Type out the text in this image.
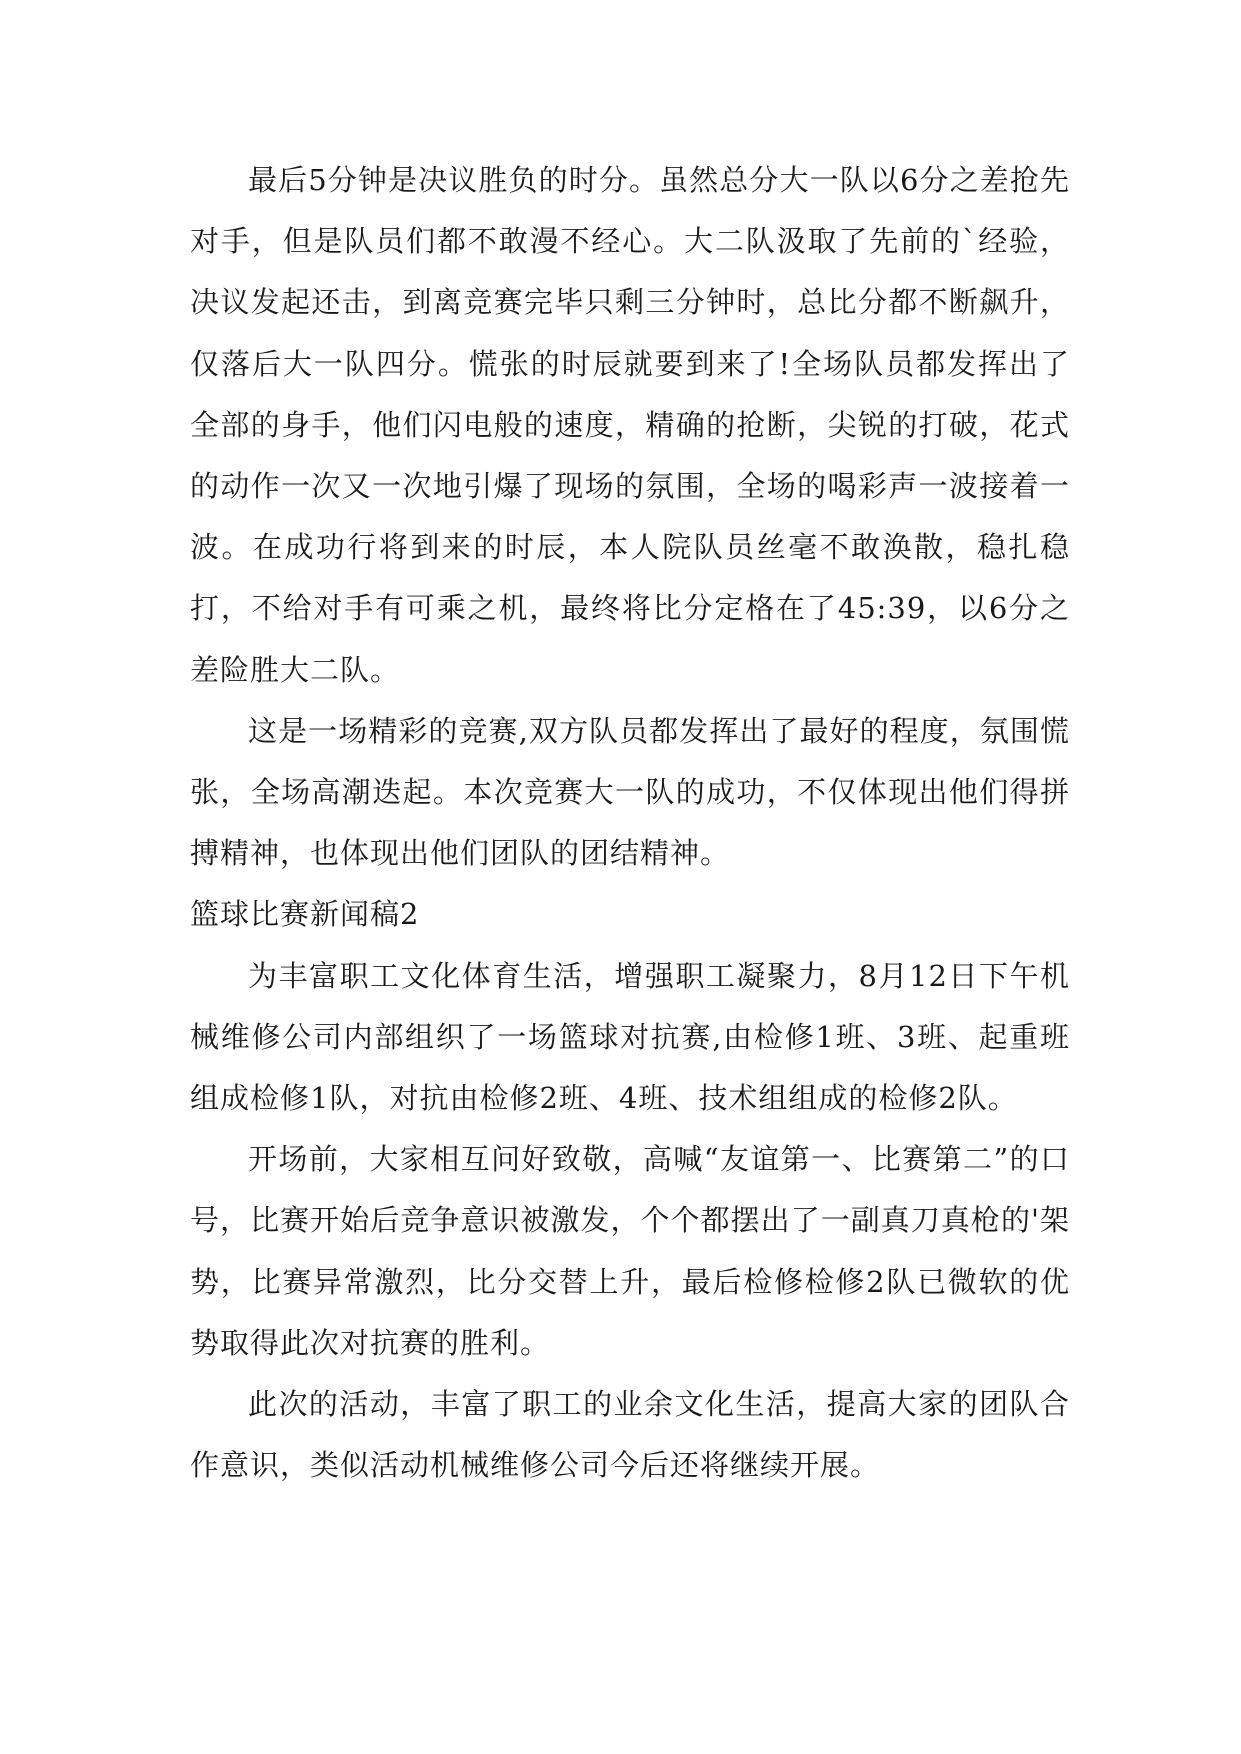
最后5分钟是决议胜负的时分。虽然总分大一队以6分之差抢先对手，但是队员们都不敢漫不经心。大二队汲取了先前的`经验，决议发起还击，到离竞赛完毕只剩三分钟时，总比分都不断飙升，仅落后大一队四分。慌张的时辰就要到来了!全场队员都发挥出了全部的身手，他们闪电般的速度，精确的抢断，尖锐的打破，花式的动作一次又一次地引爆了现场的氛围，全场的喝彩声一波接着一波。在成功行将到来的时辰，本人院队员丝毫不敢涣散，稳扎稳打，不给对手有可乘之机，最终将比分定格在了45:39，以6分之差险胜大二队。

这是一场精彩的竞赛,双方队员都发挥出了最好的程度，氛围慌张，全场高潮迭起。本次竞赛大一队的成功，不仅体现出他们得拼搏精神，也体现出他们团队的团结精神。

篮球比赛新闻稿2

为丰富职工文化体育生活，增强职工凝聚力，8月12日下午机械维修公司内部组织了一场篮球对抗赛,由检修1班、3班、起重班组成检修1队，对抗由检修2班、4班、技术组组成的检修2队。

开场前，大家相互问好致敬，高喊“友谊第一、比赛第二”的口号，比赛开始后竞争意识被激发，个个都摆出了一副真刀真枪的'架势，比赛异常激烈，比分交替上升，最后检修检修2队已微软的优势取得此次对抗赛的胜利。

此次的活动，丰富了职工的业余文化生活，提高大家的团队合作意识，类似活动机械维修公司今后还将继续开展。
